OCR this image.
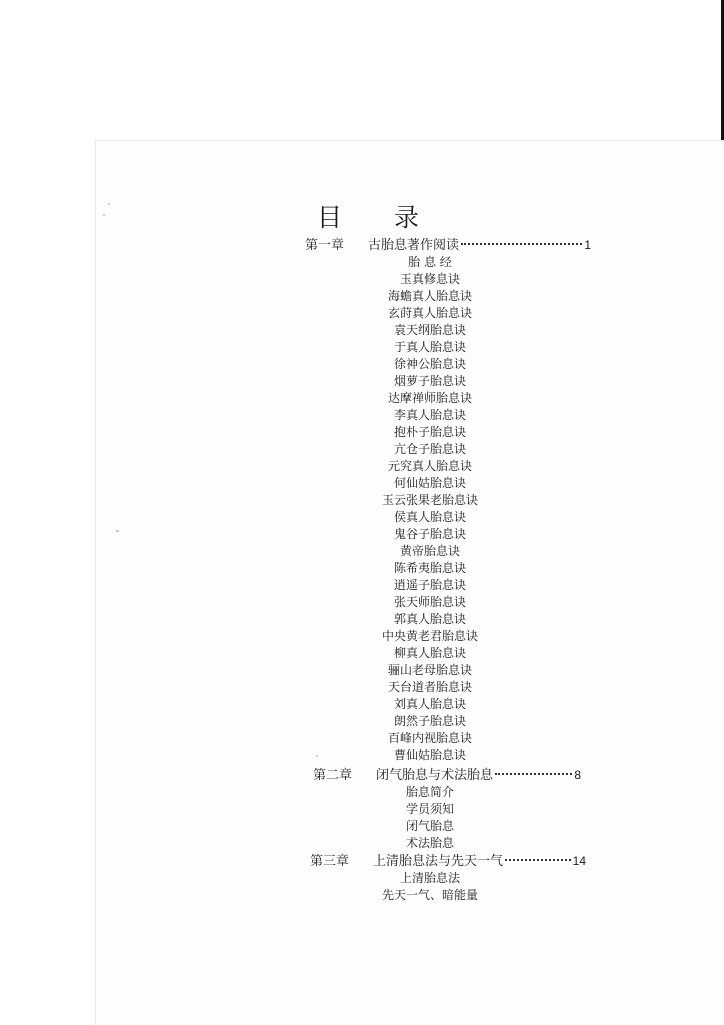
目 录
第一章	古胎息著作阅读	1
胎 息 经
玉真修息诀
海蟾真人胎息诀
玄莳真人胎息诀
袁天纲胎息诀
于真人胎息诀
徐神公胎息诀
烟萝子胎息诀
达摩禅师胎息诀
李真人胎息诀
抱朴子胎息诀
亢仓子胎息诀
元究真人胎息诀
何仙姑胎息诀
玉云张果老胎息诀
侯真人胎息诀
鬼谷子胎息诀
黄帝胎息诀
陈希夷胎息诀
逍遥子胎息诀
张天师胎息诀
郭真人胎息诀
中央黄老君胎息诀
柳真人胎息诀
骊山老母胎息诀
天台道者胎息诀
刘真人胎息诀
朗然子胎息诀
百峰内视胎息诀
曹仙姑胎息诀
第二章	闭气胎息与术法胎息	8
胎息简介
学员须知
闭气胎息
术法胎息
第三章	上清胎息法与先天一气	14
上清胎息法
先天一气、暗能量
